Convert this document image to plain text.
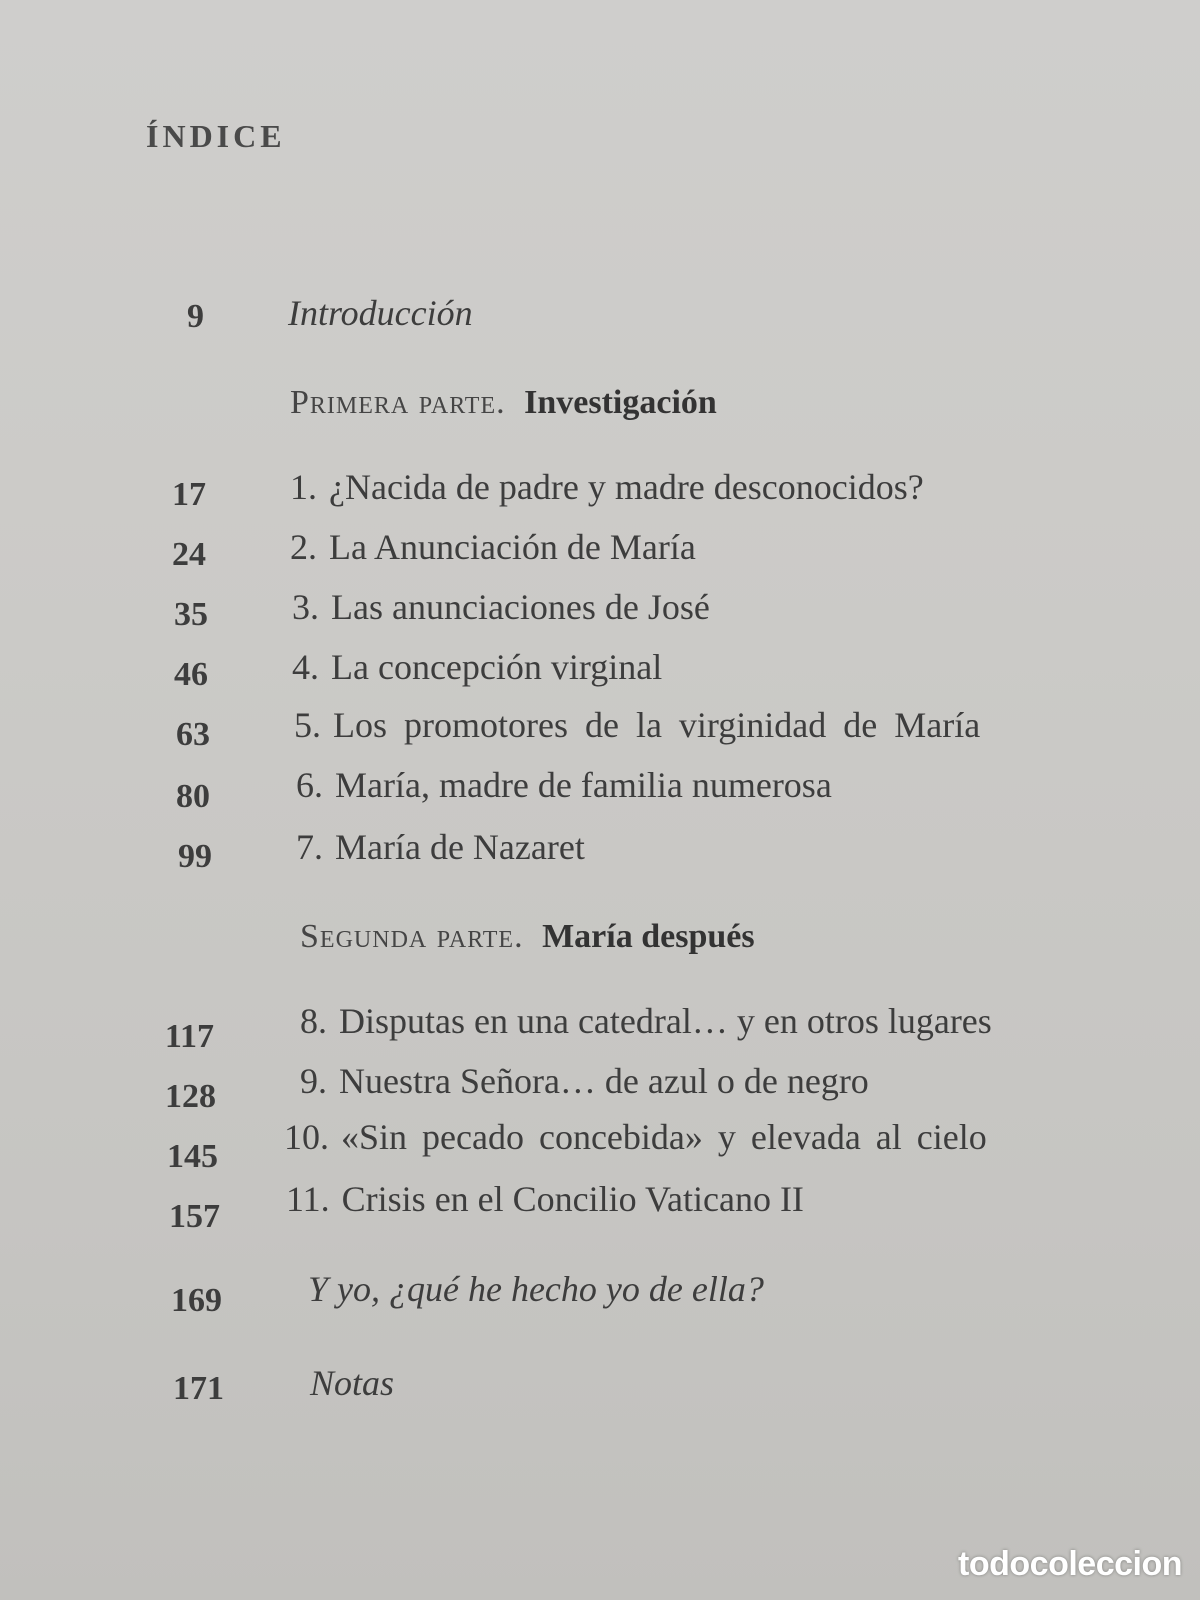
ÍNDICE
9 Introducción
Primera parte. Investigación
17 1. ¿Nacida de padre y madre desconocidos?
24 2. La Anunciación de María
35 3. Las anunciaciones de José
46 4. La concepción virginal
63 5. Los promotores de la virginidad de María
80 6. María, madre de familia numerosa
99 7. María de Nazaret
Segunda parte. María después
117 8. Disputas en una catedral… y en otros lugares
128 9. Nuestra Señora… de azul o de negro
145 10. «Sin pecado concebida» y elevada al cielo
157 11. Crisis en el Concilio Vaticano II
169 Y yo, ¿qué he hecho yo de ella?
171 Notas
todocoleccion
